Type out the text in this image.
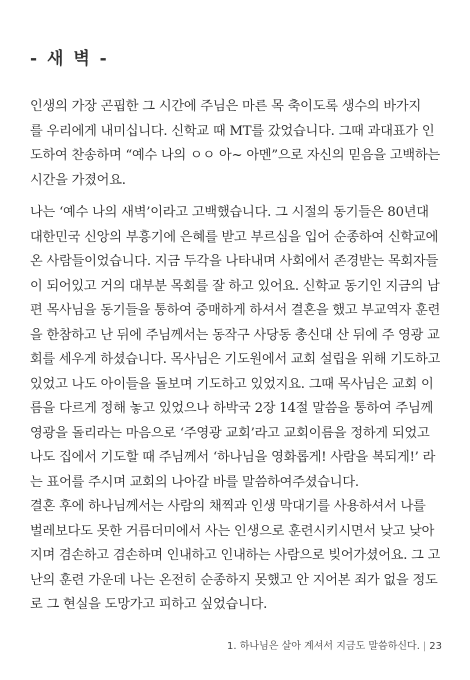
- 새 벽 -
인생의 가장 곤핍한 그 시간에 주님은 마른 목 축이도록 생수의 바가지
를 우리에게 내미십니다. 신학교 때 MT를 갔었습니다. 그때 과대표가 인
도하여 찬송하며 “예수 나의 ㅇㅇ 아~ 아멘”으로 자신의 믿음을 고백하는
시간을 가졌어요.
나는 ‘예수 나의 새벽’이라고 고백했습니다. 그 시절의 동기들은 80년대
대한민국 신앙의 부흥기에 은혜를 받고 부르심을 입어 순종하여 신학교에
온 사람들이었습니다. 지금 두각을 나타내며 사회에서 존경받는 목회자들
이 되어있고 거의 대부분 목회를 잘 하고 있어요. 신학교 동기인 지금의 남
편 목사님을 동기들을 통하여 중매하게 하셔서 결혼을 했고 부교역자 훈련
을 한참하고 난 뒤에 주님께서는 동작구 사당동 총신대 산 뒤에 주 영광 교
회를 세우게 하셨습니다. 목사님은 기도원에서 교회 설립을 위해 기도하고
있었고 나도 아이들을 돌보며 기도하고 있었지요. 그때 목사님은 교회 이
름을 다르게 정해 놓고 있었으나 하박국 2장 14절 말씀을 통하여 주님께
영광을 돌리라는 마음으로 ‘주영광 교회’라고 교회이름을 정하게 되었고
나도 집에서 기도할 때 주님께서 ‘하나님을 영화롭게! 사람을 복되게!’ 라
는 표어를 주시며 교회의 나아갈 바를 말씀하여주셨습니다.
결혼 후에 하나님께서는 사람의 채찍과 인생 막대기를 사용하셔서 나를
벌레보다도 못한 거름더미에서 사는 인생으로 훈련시키시면서 낮고 낮아
지며 겸손하고 겸손하며 인내하고 인내하는 사람으로 빚어가셨어요. 그 고
난의 훈련 가운데 나는 온전히 순종하지 못했고 안 지어본 죄가 없을 정도
로 그 현실을 도망가고 피하고 싶었습니다.
1. 하나님은 살아 계셔서 지금도 말씀하신다. | 23
